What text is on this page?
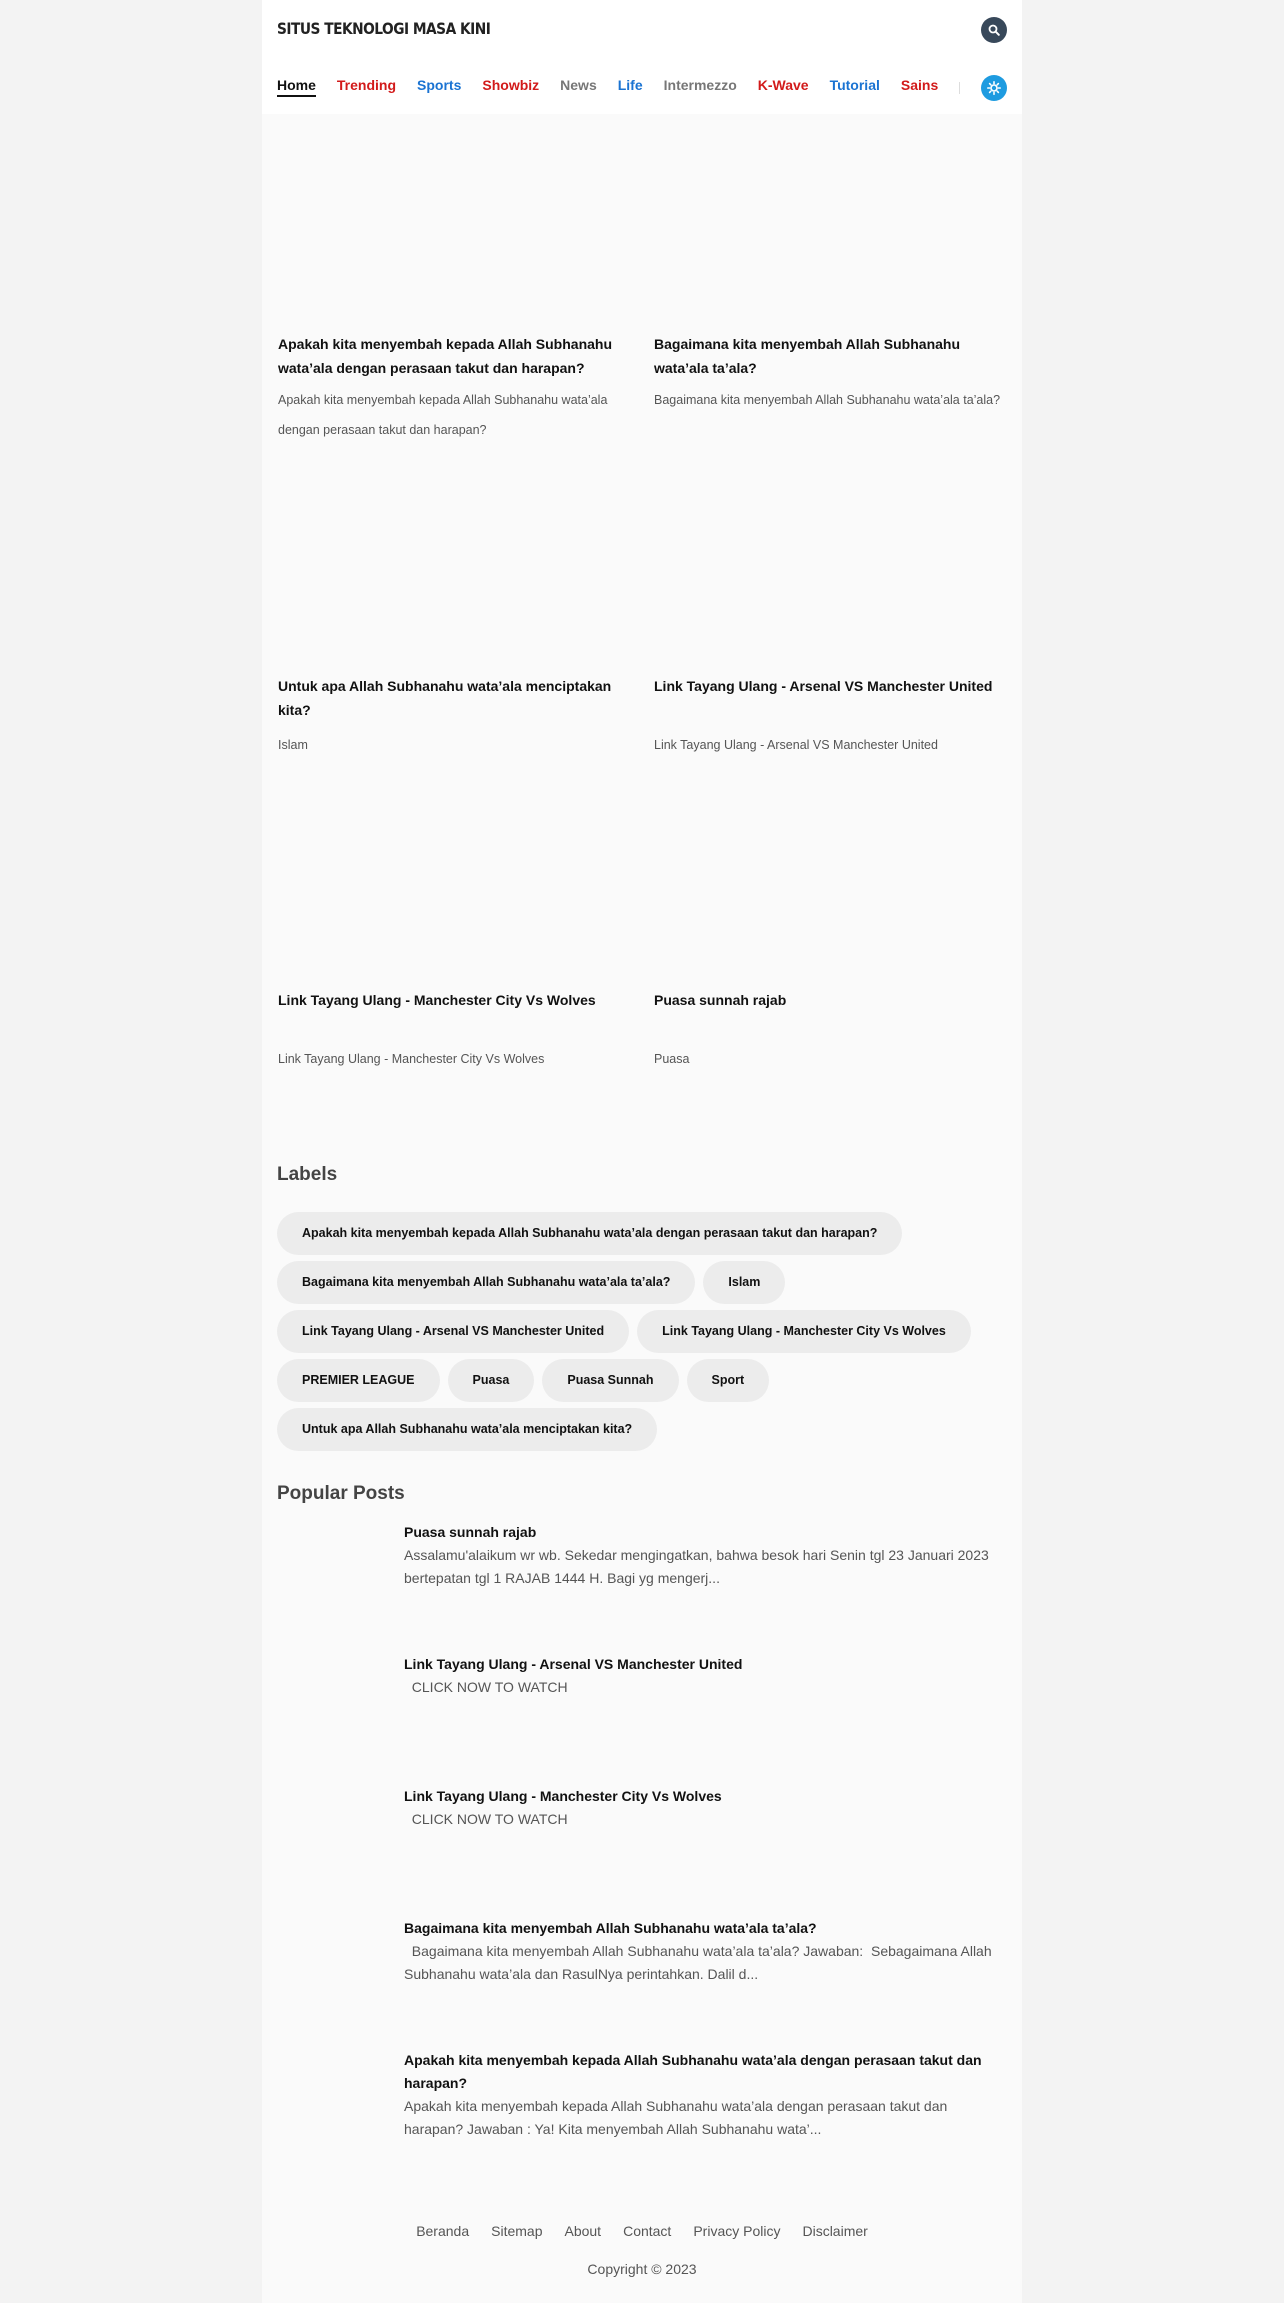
SITUS TEKNOLOGI MASA KINI
Home Trending Sports Showbiz News Life Intermezzo K-Wave Tutorial Sains
Apakah kita menyembah kepada Allah Subhanahu wata’ala dengan perasaan takut dan harapan?
Apakah kita menyembah kepada Allah Subhanahu wata’ala dengan perasaan takut dan harapan?
Bagaimana kita menyembah Allah Subhanahu wata’ala ta’ala?
Bagaimana kita menyembah Allah Subhanahu wata’ala ta’ala?
Untuk apa Allah Subhanahu wata’ala menciptakan kita?
Islam
Link Tayang Ulang - Arsenal VS Manchester United
Link Tayang Ulang - Arsenal VS Manchester United
Link Tayang Ulang - Manchester City Vs Wolves
Link Tayang Ulang - Manchester City Vs Wolves
Puasa sunnah rajab
Puasa
Labels
Apakah kita menyembah kepada Allah Subhanahu wata’ala dengan perasaan takut dan harapan?
Bagaimana kita menyembah Allah Subhanahu wata’ala ta’ala?	Islam
Link Tayang Ulang - Arsenal VS Manchester United	Link Tayang Ulang - Manchester City Vs Wolves
PREMIER LEAGUE	Puasa	Puasa Sunnah	Sport
Untuk apa Allah Subhanahu wata’ala menciptakan kita?
Popular Posts
Puasa sunnah rajab
Assalamu'alaikum wr wb. Sekedar mengingatkan, bahwa besok hari Senin tgl 23 Januari 2023 bertepatan tgl 1 RAJAB 1444 H. Bagi yg mengerj...
Link Tayang Ulang - Arsenal VS Manchester United
CLICK NOW TO WATCH
Link Tayang Ulang - Manchester City Vs Wolves
CLICK NOW TO WATCH
Bagaimana kita menyembah Allah Subhanahu wata’ala ta’ala?
Bagaimana kita menyembah Allah Subhanahu wata’ala ta’ala? Jawaban:  Sebagaimana Allah Subhanahu wata’ala dan RasulNya perintahkan. Dalil d...
Apakah kita menyembah kepada Allah Subhanahu wata’ala dengan perasaan takut dan harapan?
Apakah kita menyembah kepada Allah Subhanahu wata’ala dengan perasaan takut dan harapan? Jawaban : Ya! Kita menyembah Allah Subhanahu wata’...
Beranda Sitemap About Contact Privacy Policy Disclaimer
Copyright © 2023
